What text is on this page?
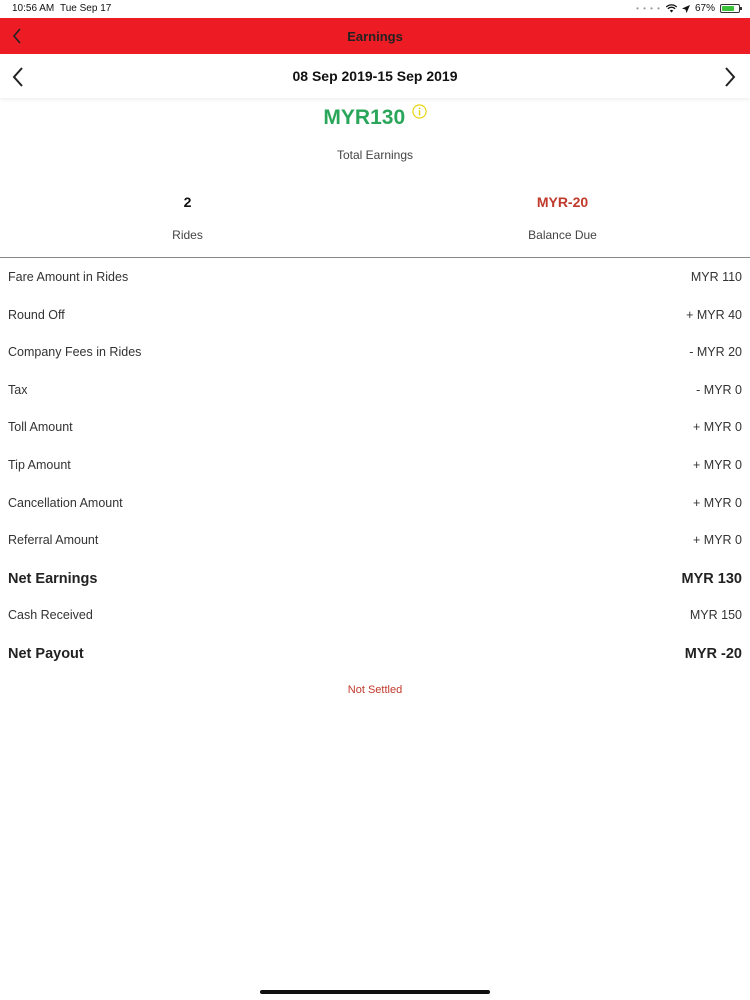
10:56 AM Tue Sep 17	• • • •	67%
Earnings
08 Sep 2019-15 Sep 2019
MYR130
Total Earnings
2
Rides
MYR-20
Balance Due
Fare Amount in Rides	MYR 110
Round Off	+ MYR 40
Company Fees in Rides	- MYR 20
Tax	- MYR 0
Toll Amount	+ MYR 0
Tip Amount	+ MYR 0
Cancellation Amount	+ MYR 0
Referral Amount	+ MYR 0
Net Earnings	MYR 130
Cash Received	MYR 150
Net Payout	MYR -20
Not Settled
